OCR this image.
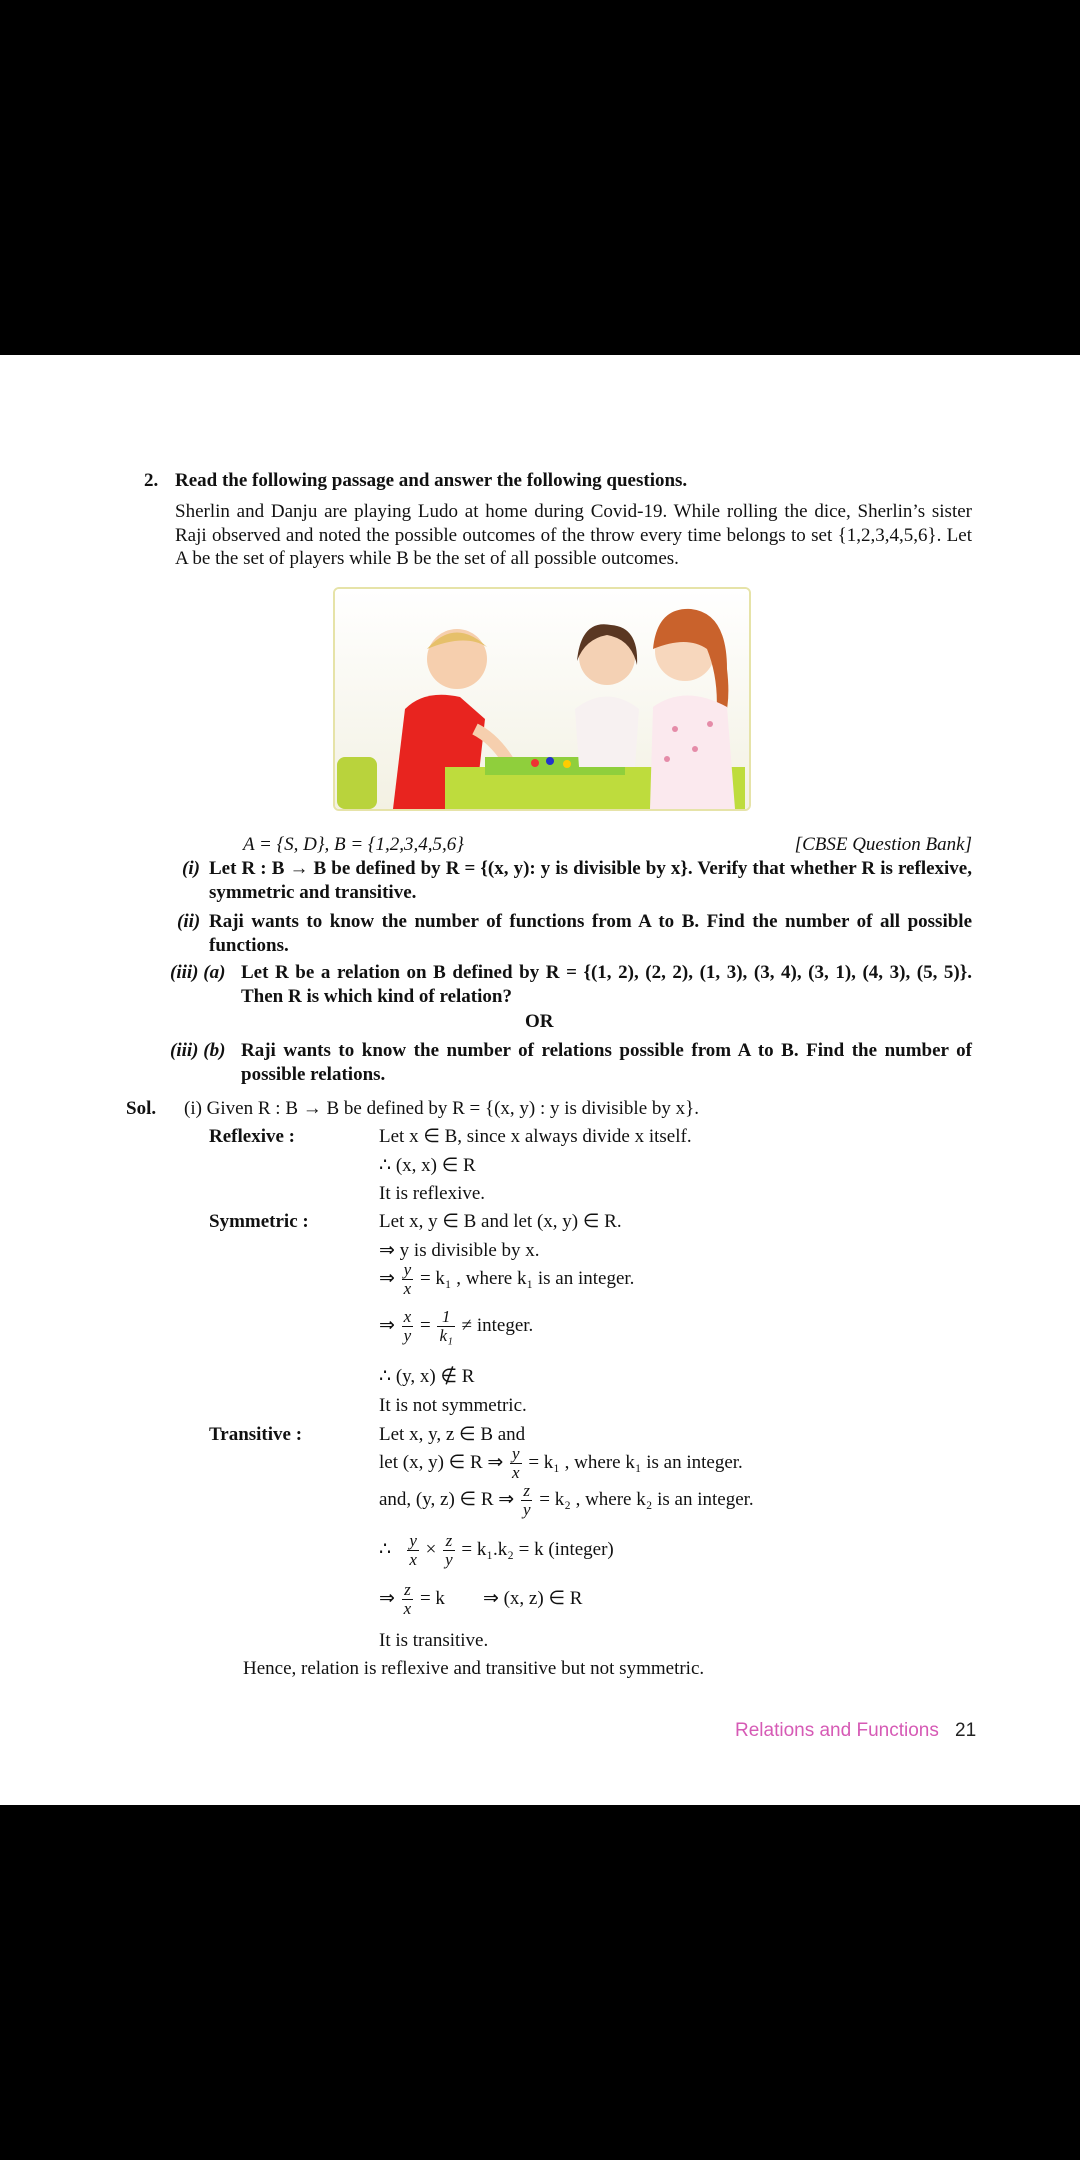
2. Read the following passage and answer the following questions.
Sherlin and Danju are playing Ludo at home during Covid-19. While rolling the dice, Sherlin’s sister Raji observed and noted the possible outcomes of the throw every time belongs to set {1,2,3,4,5,6}. Let A be the set of players while B be the set of all possible outcomes.
A = {S, D}, B = {1,2,3,4,5,6}	[CBSE Question Bank]
(i) Let R : B → B be defined by R = {(x, y): y is divisible by x}. Verify that whether R is reflexive, symmetric and transitive.
(ii) Raji wants to know the number of functions from A to B. Find the number of all possible functions.
(iii) (a) Let R be a relation on B defined by R = {(1, 2), (2, 2), (1, 3), (3, 4), (3, 1), (4, 3), (5, 5)}. Then R is which kind of relation?
OR
(iii) (b) Raji wants to know the number of relations possible from A to B. Find the number of possible relations.
Sol. (i) Given R : B → B be defined by R = {(x, y) : y is divisible by x}.
Reflexive :	Let x ∈ B, since x always divide x itself.
∴ (x, x) ∈ R
It is reflexive.
Symmetric :	Let x, y ∈ B and let (x, y) ∈ R.
⇒ y is divisible by x.
⇒ $\frac{y}{x} = k_1$ , where k₁ is an integer.
⇒ $\frac{x}{y} = \frac{1}{\text{k₁}}$ ≠ integer.
∴ (y, x) ∉ R
It is not symmetric.
Transitive :	Let x, y, z ∈ B and
let (x, y) ∈ R ⇒ $\frac{y}{x} = k_1$ , where k₁ is an integer.
and, (y, z) ∈ R ⇒ $\frac{z}{y} = k_2$ , where k₂ is an integer.
∴ $\frac{y}{x} \times \frac{z}{y} = k_1.k_2 = k$ (integer)
⇒ $\frac{z}{x} = k$ ⇒ (x, z) ∈ R
It is transitive.
Hence, relation is reflexive and transitive but not symmetric.
Relations and Functions 21
